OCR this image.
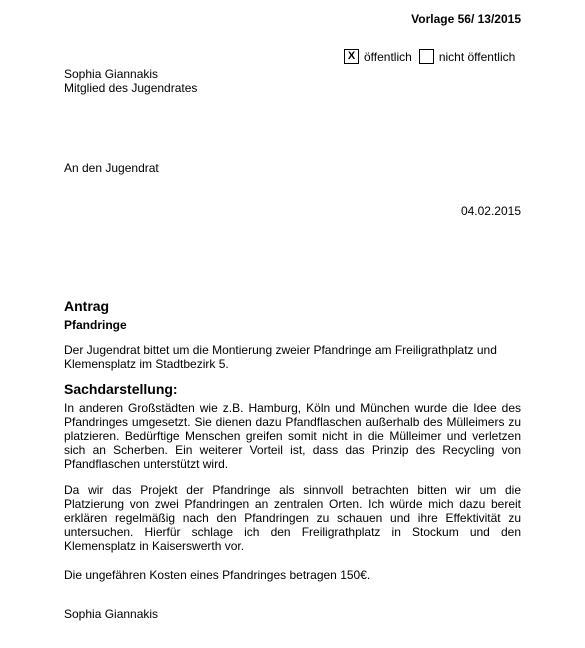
Vorlage 56/ 13/2015
X öffentlich nicht öffentlich
Sophia Giannakis
Mitglied des Jugendrates
An den Jugendrat
04.02.2015
Antrag
Pfandringe
Der Jugendrat bittet um die Montierung zweier Pfandringe am Freiligrathplatz und
Klemensplatz im Stadtbezirk 5.
Sachdarstellung:
In anderen Großstädten wie z.B. Hamburg, Köln und München wurde die Idee des
Pfandringes umgesetzt. Sie dienen dazu Pfandflaschen außerhalb des Mülleimers zu
platzieren. Bedürftige Menschen greifen somit nicht in die Mülleimer und verletzen
sich an Scherben. Ein weiterer Vorteil ist, dass das Prinzip des Recycling von
Pfandflaschen unterstützt wird.
Da wir das Projekt der Pfandringe als sinnvoll betrachten bitten wir um die
Platzierung von zwei Pfandringen an zentralen Orten. Ich würde mich dazu bereit
erklären regelmäßig nach den Pfandringen zu schauen und ihre Effektivität zu
untersuchen. Hierfür schlage ich den Freiligrathplatz in Stockum und den
Klemensplatz in Kaiserswerth vor.
Die ungefähren Kosten eines Pfandringes betragen 150€.
Sophia Giannakis
